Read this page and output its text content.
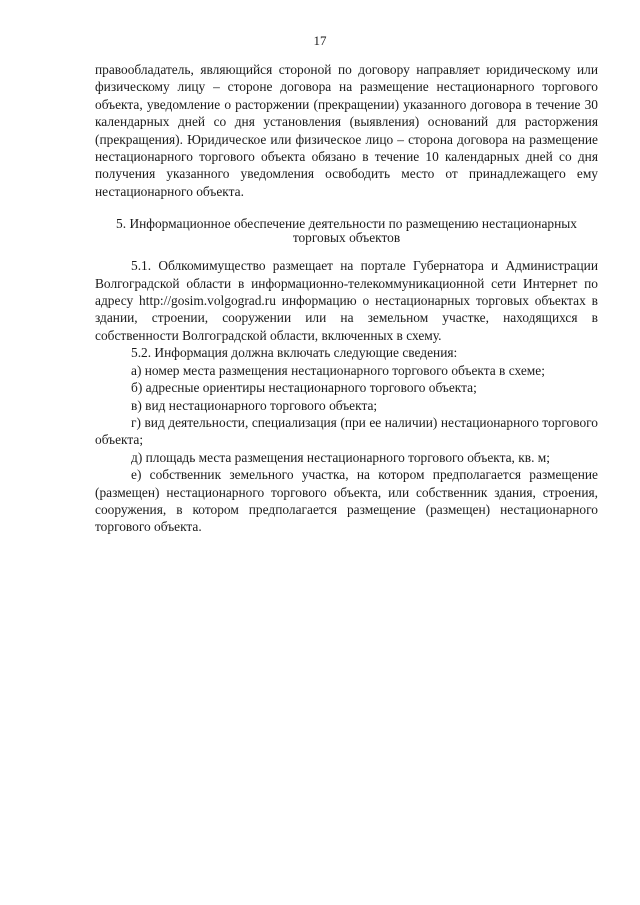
17

правообладатель, являющийся стороной по договору направляет юридическому или физическому лицу – стороне договора на размещение нестационарного торгового объекта, уведомление о расторжении (прекращении) указанного договора в течение 30 календарных дней со дня установления (выявления) оснований для расторжения (прекращения). Юридическое или физическое лицо – сторона договора на размещение нестационарного торгового объекта обязано в течение 10 календарных дней со дня получения указанного уведомления освободить место от принадлежащего ему нестационарного объекта.

5. Информационное обеспечение деятельности по размещению нестационарных торговых объектов

5.1. Облкомимущество размещает на портале Губернатора и Администрации Волгоградской области в информационно-телекоммуникационной сети Интернет по адресу http://gosim.volgograd.ru информацию о нестационарных торговых объектах в здании, строении, сооружении или на земельном участке, находящихся в собственности Волгоградской области, включенных в схему.

5.2. Информация должна включать следующие сведения:

а) номер места размещения нестационарного торгового объекта в схеме;

б) адресные ориентиры нестационарного торгового объекта;

в) вид нестационарного торгового объекта;

г) вид деятельности, специализация (при ее наличии) нестационарного торгового объекта;

д) площадь места размещения нестационарного торгового объекта, кв. м;

е) собственник земельного участка, на котором предполагается размещение (размещен) нестационарного торгового объекта, или собственник здания, строения, сооружения, в котором предполагается размещение (размещен) нестационарного торгового объекта.
